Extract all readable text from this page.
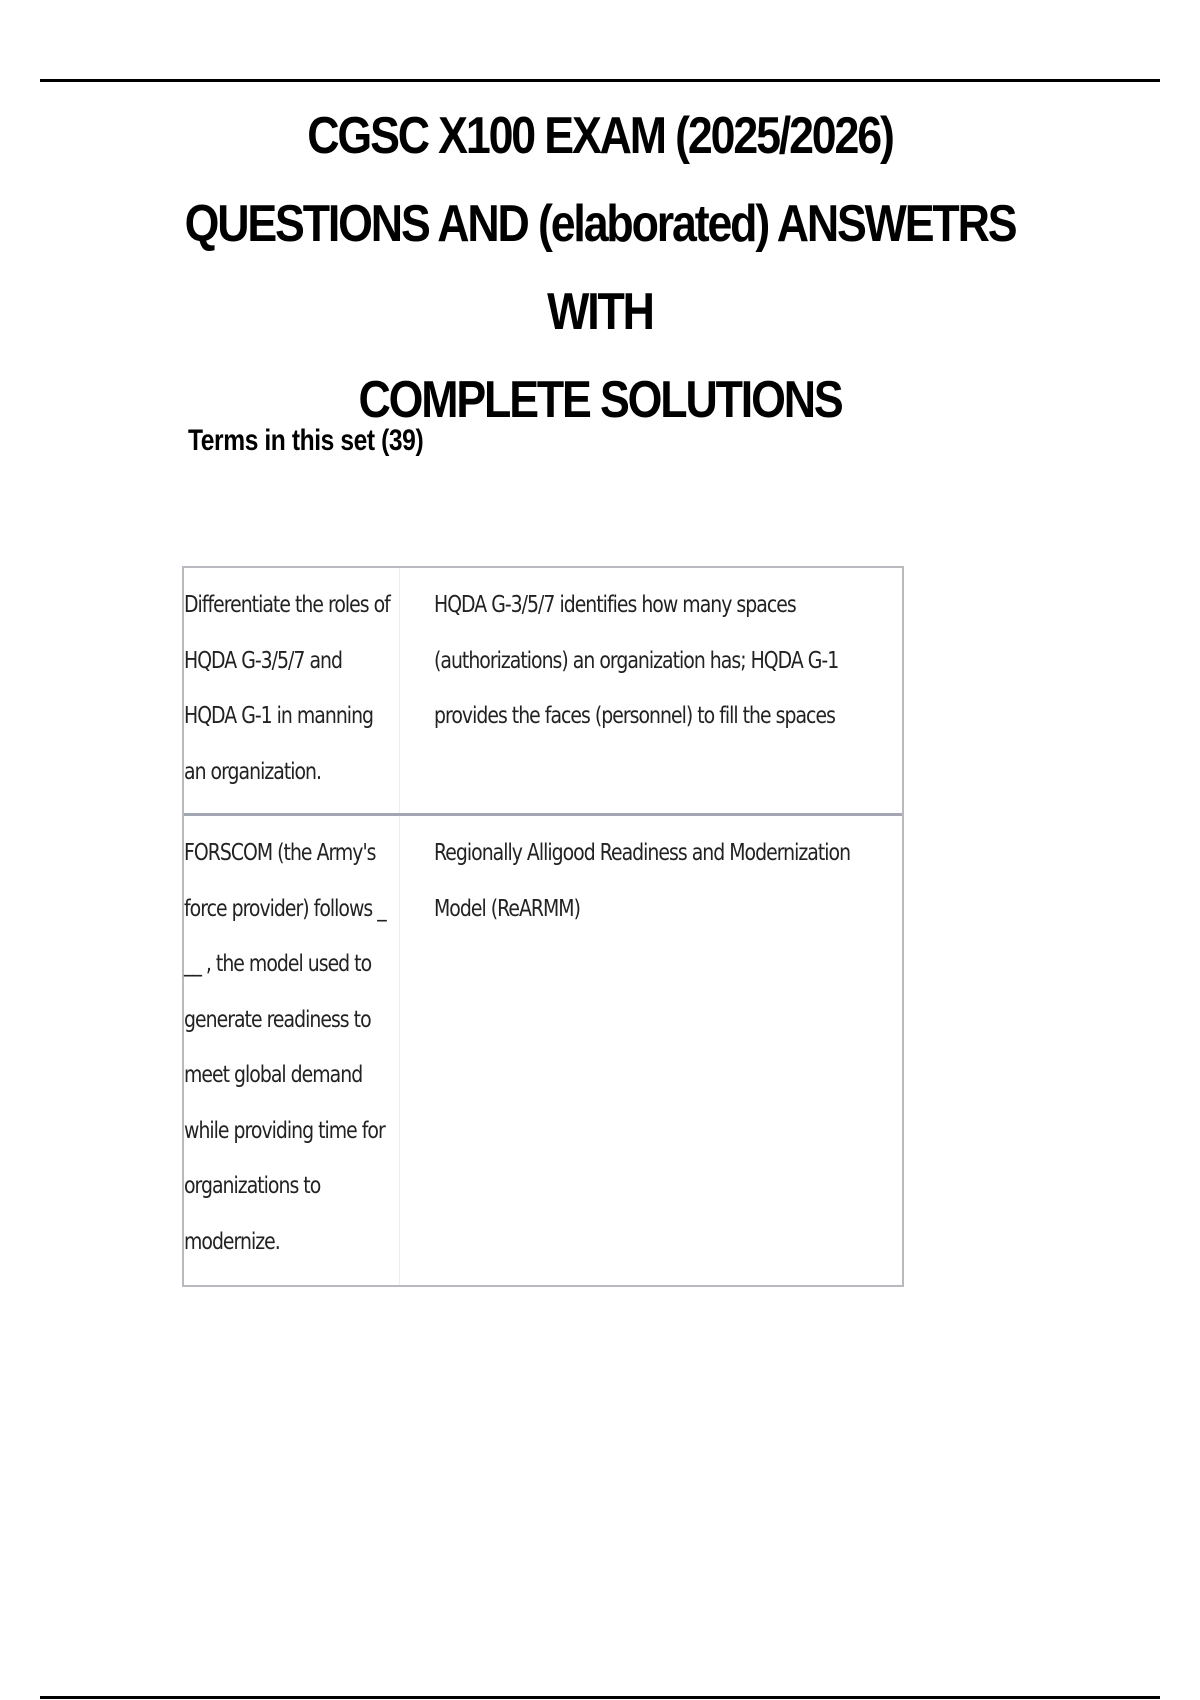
CGSC X100 EXAM (2025/2026)
QUESTIONS AND (elaborated) ANSWETRS WITH
COMPLETE SOLUTIONS
Terms in this set (39)
Differentiate the roles of HQDA G-3/5/7 and HQDA G-1 in manning an organization.
HQDA G-3/5/7 identifies how many spaces (authorizations) an organization has; HQDA G-1 provides the faces (personnel) to fill the spaces
FORSCOM (the Army's force provider) follows _ __ , the model used to generate readiness to meet global demand while providing time for organizations to modernize.
Regionally Alligood Readiness and Modernization Model (ReARMM)
